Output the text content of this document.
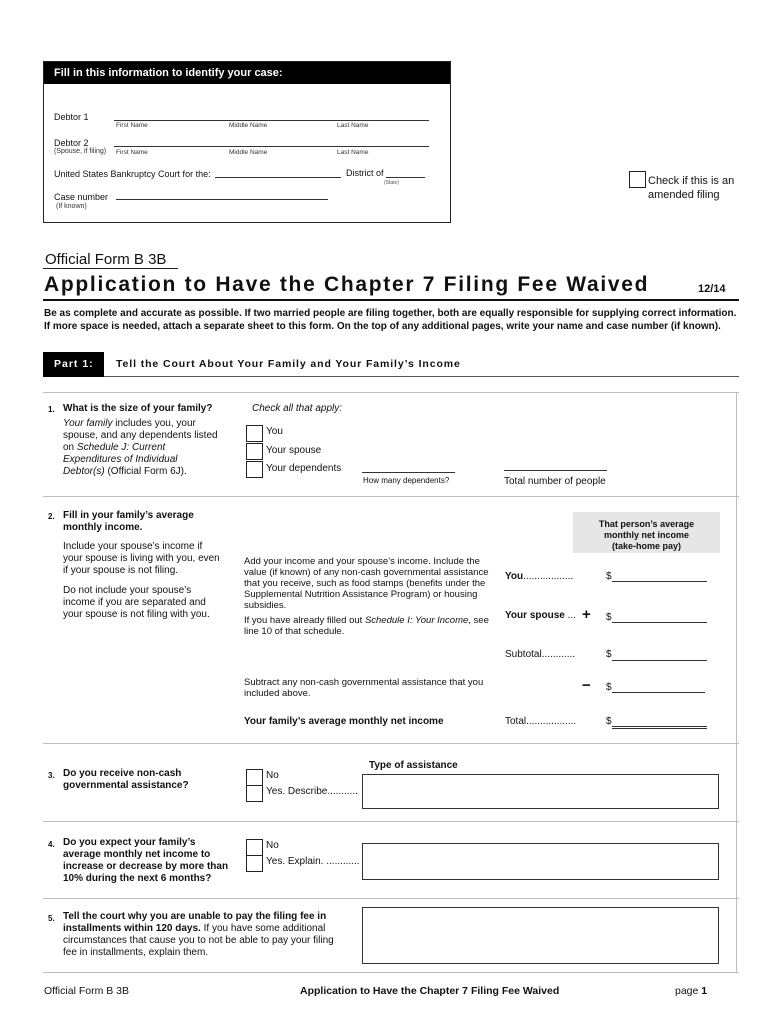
Fill in this information to identify your case:
Debtor 1
First Name	Middle Name	Last Name
Debtor 2
(Spouse, if filing) First Name	Middle Name	Last Name
United States Bankruptcy Court for the:	District of
(State)
Case number
(If known)
Check if this is an
amended filing
Official Form B 3B
Application to Have the Chapter 7 Filing Fee Waived	12/14
Be as complete and accurate as possible. If two married people are filing together, both are equally responsible for supplying correct information. If more space is needed, attach a separate sheet to this form. On the top of any additional pages, write your name and case number (if known).
Part 1:	Tell the Court About Your Family and Your Family’s Income
1. What is the size of your family?
Your family includes you, your
spouse, and any dependents listed
on Schedule J: Current
Expenditures of Individual
Debtor(s) (Official Form 6J).
Check all that apply:
You
Your spouse
Your dependents
How many dependents?	Total number of people
2. Fill in your family’s average
monthly income.
Include your spouse’s income if
your spouse is living with you, even
if your spouse is not filing.
Do not include your spouse’s
income if you are separated and
your spouse is not filing with you.
That person’s average
monthly net income
(take-home pay)
Add your income and your spouse’s income. Include the
value (if known) of any non-cash governmental assistance
that you receive, such as food stamps (benefits under the
Supplemental Nutrition Assistance Program) or housing
subsidies.
If you have already filled out Schedule I: Your Income, see
line 10 of that schedule.
You..................	$
Your spouse ... + $
Subtotal............	$
Subtract any non-cash governmental assistance that you
included above.	− $
Your family’s average monthly net income	Total..................	$
3. Do you receive non-cash
governmental assistance?
Type of assistance
No
Yes. Describe...........
4. Do you expect your family’s
average monthly net income to
increase or decrease by more than
10% during the next 6 months?
No
Yes. Explain. ............
5. Tell the court why you are unable to pay the filing fee in
installments within 120 days. If you have some additional
circumstances that cause you to not be able to pay your filing
fee in installments, explain them.
Official Form B 3B	Application to Have the Chapter 7 Filing Fee Waived	page 1
